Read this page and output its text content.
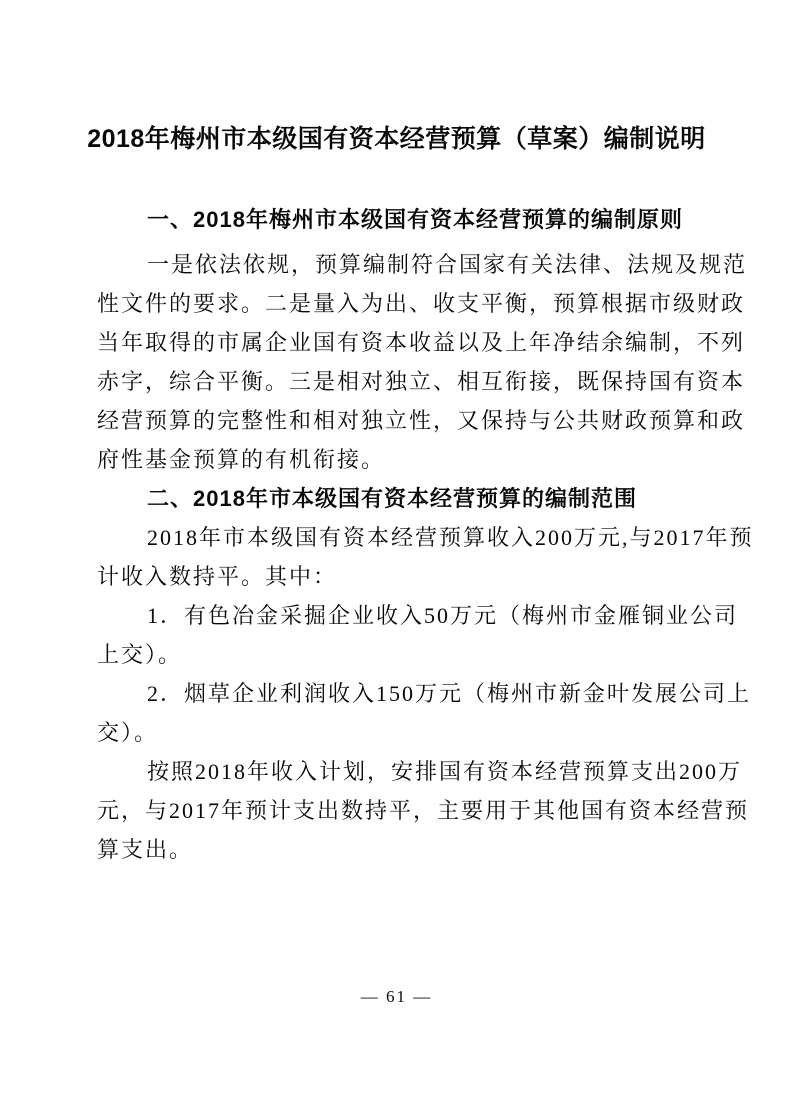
2018年梅州市本级国有资本经营预算（草案）编制说明
一、2018年梅州市本级国有资本经营预算的编制原则
一是依法依规，预算编制符合国家有关法律、法规及规范
性文件的要求。二是量入为出、收支平衡，预算根据市级财政
当年取得的市属企业国有资本收益以及上年净结余编制，不列
赤字，综合平衡。三是相对独立、相互衔接，既保持国有资本
经营预算的完整性和相对独立性，又保持与公共财政预算和政
府性基金预算的有机衔接。
二、2018年市本级国有资本经营预算的编制范围
2018年市本级国有资本经营预算收入200万元,与2017年预
计收入数持平。其中：
1．有色冶金采掘企业收入50万元（梅州市金雁铜业公司
上交）。
2．烟草企业利润收入150万元（梅州市新金叶发展公司上
交）。
按照2018年收入计划，安排国有资本经营预算支出200万
元，与2017年预计支出数持平，主要用于其他国有资本经营预
算支出。
— 61 —
